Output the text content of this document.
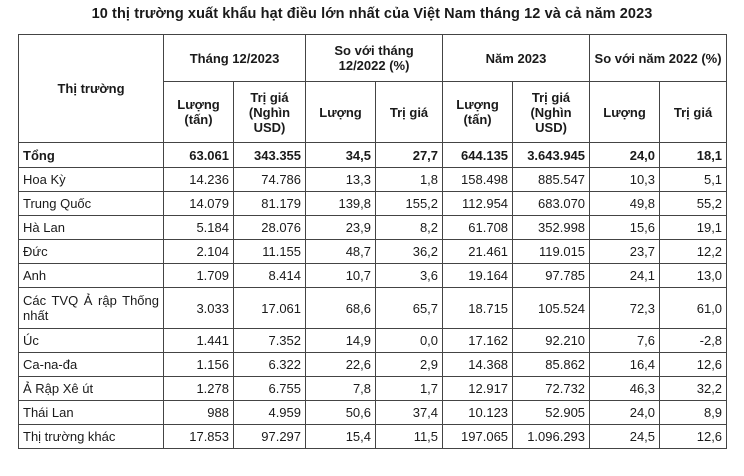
10 thị trường xuất khẩu hạt điều lớn nhất của Việt Nam tháng 12 và cả năm 2023
Thị trường	Tháng 12/2023		So với tháng 12/2022 (%)		Năm 2023		So với năm 2022 (%)	
	Lượng (tấn)	Trị giá (Nghìn USD)	Lượng	Trị giá	Lượng (tấn)	Trị giá (Nghìn USD)	Lượng	Trị giá
Tổng	63.061	343.355	34,5	27,7	644.135	3.643.945	24,0	18,1
Hoa Kỳ	14.236	74.786	13,3	1,8	158.498	885.547	10,3	5,1
Trung Quốc	14.079	81.179	139,8	155,2	112.954	683.070	49,8	55,2
Hà Lan	5.184	28.076	23,9	8,2	61.708	352.998	15,6	19,1
Đức	2.104	11.155	48,7	36,2	21.461	119.015	23,7	12,2
Anh	1.709	8.414	10,7	3,6	19.164	97.785	24,1	13,0

Các TVQ Ả rập Thống nhất	3.033	17.061	68,6	65,7	18.715	105.524	72,3	61,0
Úc	1.441	7.352	14,9	0,0	17.162	92.210	7,6	-2,8
Ca-na-đa	1.156	6.322	22,6	2,9	14.368	85.862	16,4	12,6
Ả Rập Xê út	1.278	6.755	7,8	1,7	12.917	72.732	46,3	32,2
Thái Lan	988	4.959	50,6	37,4	10.123	52.905	24,0	8,9
Thị trường khác	17.853	97.297	15,4	11,5	197.065	1.096.293	24,5	12,6
